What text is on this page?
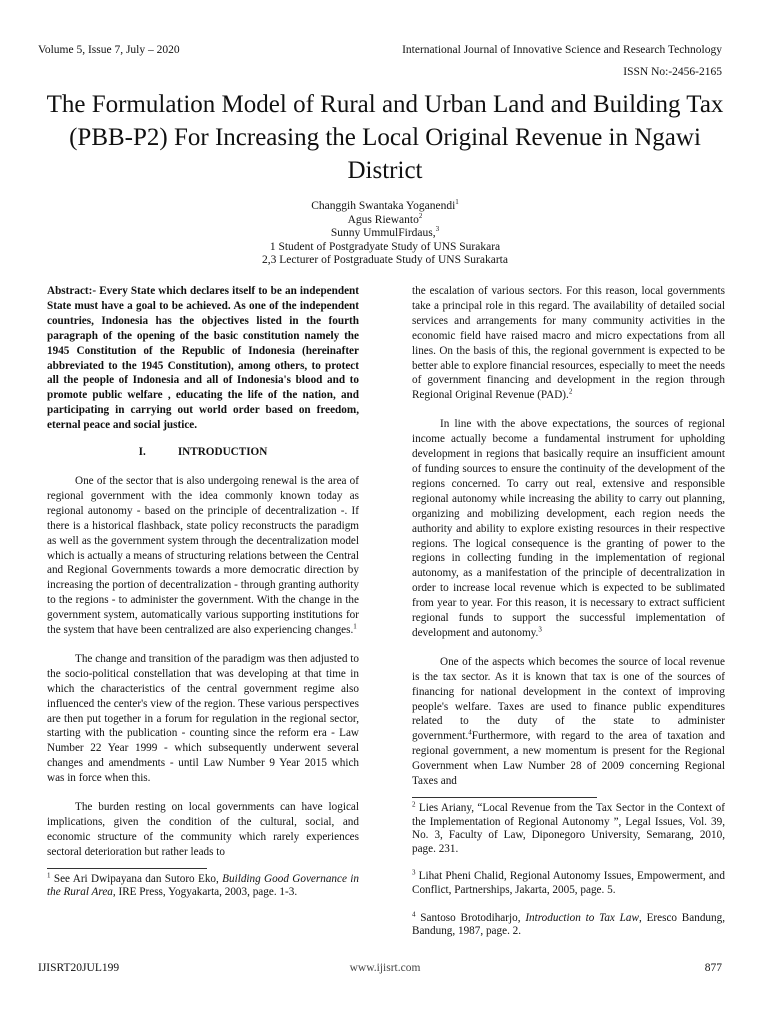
Volume 5, Issue 7, July – 2020	International Journal of Innovative Science and Research Technology
ISSN No:-2456-2165
The Formulation Model of Rural and Urban Land and Building Tax (PBB-P2) For Increasing the Local Original Revenue in Ngawi District
Changgih Swantaka Yoganendi$^1$
Agus Riewanto$^2$
Sunny UmmulFirdaus,$^3$
1 Student of Postgradyate Study of UNS Surakara
2,3 Lecturer of Postgraduate Study of UNS Surakarta

Abstract:- Every State which declares itself to be an independent State must have a goal to be achieved. As one of the independent countries, Indonesia has the objectives listed in the fourth paragraph of the opening of the basic constitution namely the 1945 Constitution of the Republic of Indonesia (hereinafter abbreviated to the 1945 Constitution), among others, to protect all the people of Indonesia and all of Indonesia's blood and to promote public welfare , educating the life of the nation, and participating in carrying out world order based on freedom, eternal peace and social justice.

I.	INTRODUCTION

One of the sector that is also undergoing renewal is the area of regional government with the idea commonly known today as regional autonomy - based on the principle of decentralization -. If there is a historical flashback, state policy reconstructs the paradigm as well as the government system through the decentralization model which is actually a means of structuring relations between the Central and Regional Governments towards a more democratic direction by increasing the portion of decentralization - through granting authority to the regions - to administer the government. With the change in the government system, automatically various supporting institutions for the system that have been centralized are also experiencing changes.$^1$

The change and transition of the paradigm was then adjusted to the socio-political constellation that was developing at that time in which the characteristics of the central government regime also influenced the center's view of the region. These various perspectives are then put together in a forum for regulation in the regional sector, starting with the publication - counting since the reform era - Law Number 22 Year 1999 - which subsequently underwent several changes and amendments - until Law Number 9 Year 2015 which was in force when this.

The burden resting on local governments can have logical implications, given the condition of the cultural, social, and economic structure of the community which rarely experiences sectoral deterioration but rather leads to

$^1$ See Ari Dwipayana dan Sutoro Eko, Building Good Governance in the Rural Area, IRE Press, Yogyakarta, 2003, page. 1-3.

the escalation of various sectors. For this reason, local governments take a principal role in this regard. The availability of detailed social services and arrangements for many community activities in the economic field have raised macro and micro expectations from all lines. On the basis of this, the regional government is expected to be better able to explore financial resources, especially to meet the needs of government financing and development in the region through Regional Original Revenue (PAD).$^2$

In line with the above expectations, the sources of regional income actually become a fundamental instrument for upholding development in regions that basically require an insufficient amount of funding sources to ensure the continuity of the development of the regions concerned. To carry out real, extensive and responsible regional autonomy while increasing the ability to carry out planning, organizing and mobilizing development, each region needs the authority and ability to explore existing resources in their respective regions. The logical consequence is the granting of power to the regions in collecting funding in the implementation of regional autonomy, as a manifestation of the principle of decentralization in order to increase local revenue which is expected to be sublimated from year to year. For this reason, it is necessary to extract sufficient regional funds to support the successful implementation of development and autonomy.$^3$

One of the aspects which becomes the source of local revenue is the tax sector. As it is known that tax is one of the sources of financing for national development in the context of improving people's welfare. Taxes are used to finance public expenditures related to the duty of the state to administer government.$^4$Furthermore, with regard to the area of taxation and regional government, a new momentum is present for the Regional Government when Law Number 28 of 2009 concerning Regional Taxes and

$^2$ Lies Ariany, “Local Revenue from the Tax Sector in the Context of the Implementation of Regional Autonomy ”, Legal Issues, Vol. 39, No. 3, Faculty of Law, Diponegoro University, Semarang, 2010, page. 231.

$^3$ Lihat Pheni Chalid, Regional Autonomy Issues, Empowerment, and Conflict, Partnerships, Jakarta, 2005, page. 5.

$^4$ Santoso Brotodiharjo, Introduction to Tax Law, Eresco Bandung, Bandung, 1987, page. 2.

IJISRT20JUL199	www.ijisrt.com	877
